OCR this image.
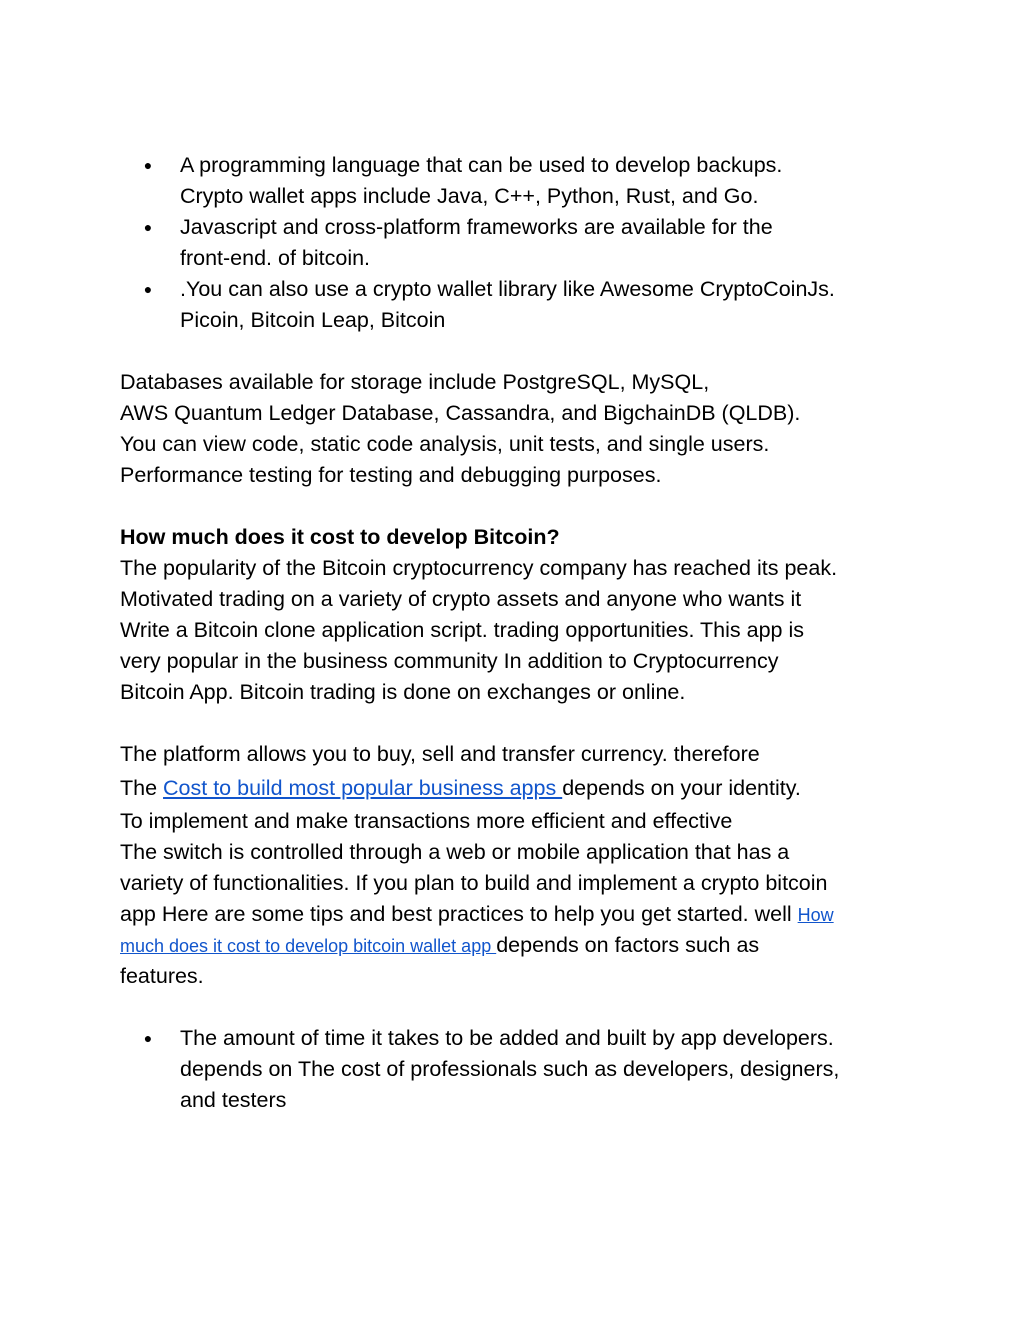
● A programming language that can be used to develop backups.
Crypto wallet apps include Java, C++, Python, Rust, and Go.
● Javascript and cross-platform frameworks are available for the
front-end. of bitcoin.
● .You can also use a crypto wallet library like Awesome CryptoCoinJs.
Picoin, Bitcoin Leap, Bitcoin
Databases available for storage include PostgreSQL, MySQL,
AWS Quantum Ledger Database, Cassandra, and BigchainDB (QLDB).
You can view code, static code analysis, unit tests, and single users.
Performance testing for testing and debugging purposes.
How much does it cost to develop Bitcoin?
The popularity of the Bitcoin cryptocurrency company has reached its peak.
Motivated trading on a variety of crypto assets and anyone who wants it
Write a Bitcoin clone application script. trading opportunities. This app is
very popular in the business community In addition to Cryptocurrency
Bitcoin App. Bitcoin trading is done on exchanges or online.
The platform allows you to buy, sell and transfer currency. therefore
The Cost to build most popular business apps depends on your identity.
To implement and make transactions more efficient and effective
The switch is controlled through a web or mobile application that has a
variety of functionalities. If you plan to build and implement a crypto bitcoin
app Here are some tips and best practices to help you get started. well How
much does it cost to develop bitcoin wallet app depends on factors such as
features.
● The amount of time it takes to be added and built by app developers.
depends on The cost of professionals such as developers, designers,
and testers
